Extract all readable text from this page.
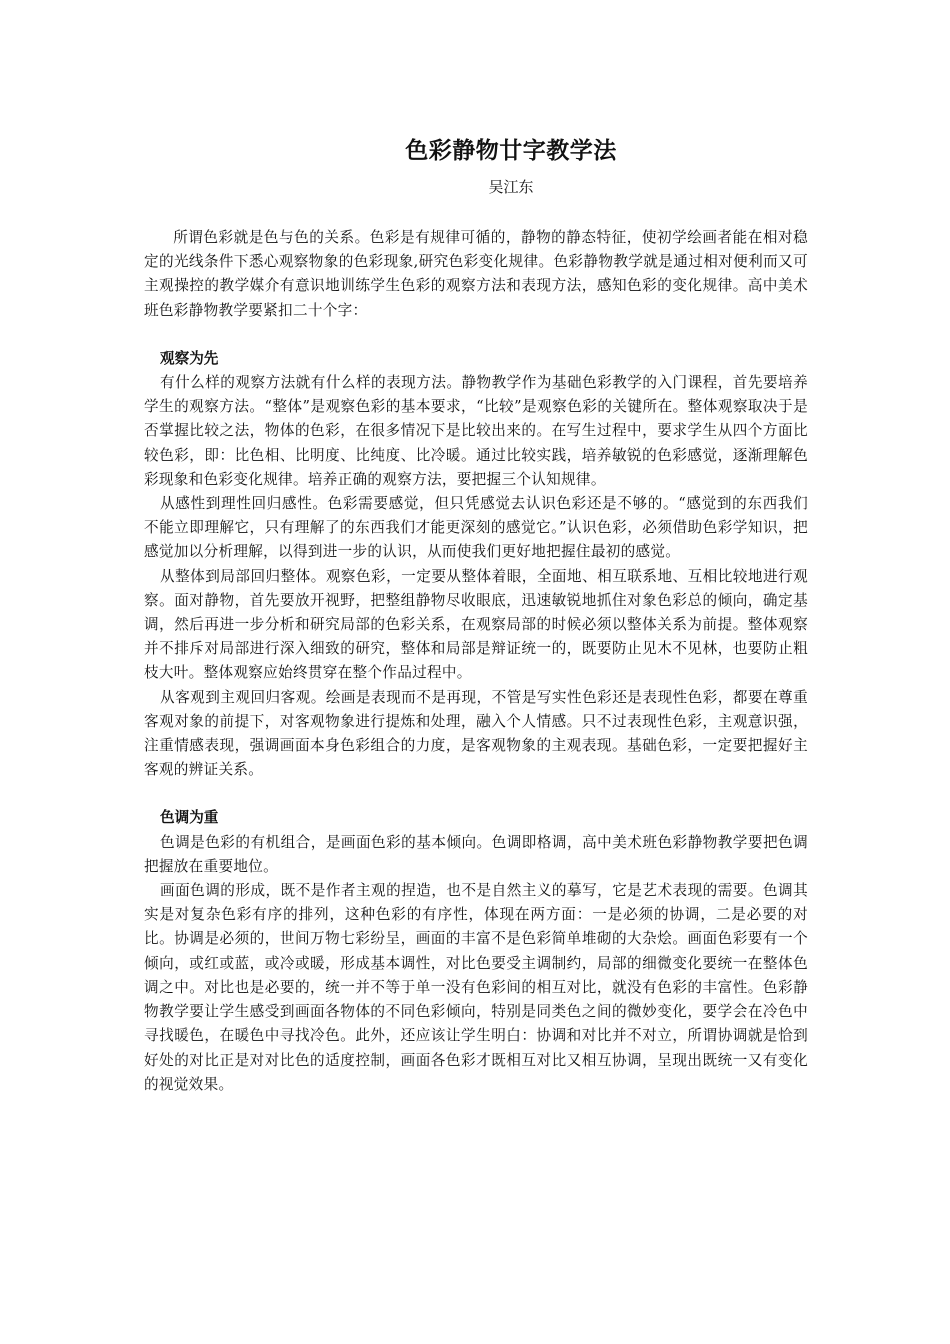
色彩静物廿字教学法

吴江东

所谓色彩就是色与色的关系。色彩是有规律可循的，静物的静态特征，使初学绘画者能在相对稳定的光线条件下悉心观察物象的色彩现象,研究色彩变化规律。色彩静物教学就是通过相对便利而又可主观操控的教学媒介有意识地训练学生色彩的观察方法和表现方法，感知色彩的变化规律。高中美术班色彩静物教学要紧扣二十个字：

观察为先

有什么样的观察方法就有什么样的表现方法。静物教学作为基础色彩教学的入门课程，首先要培养学生的观察方法。“整体”是观察色彩的基本要求，“比较”是观察色彩的关键所在。整体观察取决于是否掌握比较之法，物体的色彩，在很多情况下是比较出来的。在写生过程中，要求学生从四个方面比较色彩，即：比色相、比明度、比纯度、比冷暖。通过比较实践，培养敏锐的色彩感觉，逐渐理解色彩现象和色彩变化规律。培养正确的观察方法，要把握三个认知规律。

从感性到理性回归感性。色彩需要感觉，但只凭感觉去认识色彩还是不够的。“感觉到的东西我们不能立即理解它，只有理解了的东西我们才能更深刻的感觉它。”认识色彩，必须借助色彩学知识，把感觉加以分析理解，以得到进一步的认识，从而使我们更好地把握住最初的感觉。

从整体到局部回归整体。观察色彩，一定要从整体着眼，全面地、相互联系地、互相比较地进行观察。面对静物，首先要放开视野，把整组静物尽收眼底，迅速敏锐地抓住对象色彩总的倾向，确定基调，然后再进一步分析和研究局部的色彩关系，在观察局部的时候必须以整体关系为前提。整体观察并不排斥对局部进行深入细致的研究，整体和局部是辩证统一的，既要防止见木不见林，也要防止粗枝大叶。整体观察应始终贯穿在整个作品过程中。

从客观到主观回归客观。绘画是表现而不是再现，不管是写实性色彩还是表现性色彩，都要在尊重客观对象的前提下，对客观物象进行提炼和处理，融入个人情感。只不过表现性色彩，主观意识强，注重情感表现，强调画面本身色彩组合的力度，是客观物象的主观表现。基础色彩，一定要把握好主客观的辨证关系。

色调为重

色调是色彩的有机组合，是画面色彩的基本倾向。色调即格调，高中美术班色彩静物教学要把色调把握放在重要地位。

画面色调的形成，既不是作者主观的捏造，也不是自然主义的摹写，它是艺术表现的需要。色调其实是对复杂色彩有序的排列，这种色彩的有序性，体现在两方面：一是必须的协调，二是必要的对比。协调是必须的，世间万物七彩纷呈，画面的丰富不是色彩简单堆砌的大杂烩。画面色彩要有一个倾向，或红或蓝，或冷或暖，形成基本调性，对比色要受主调制约，局部的细微变化要统一在整体色调之中。对比也是必要的，统一并不等于单一没有色彩间的相互对比，就没有色彩的丰富性。色彩静物教学要让学生感受到画面各物体的不同色彩倾向，特别是同类色之间的微妙变化，要学会在冷色中寻找暖色，在暖色中寻找冷色。此外，还应该让学生明白：协调和对比并不对立，所谓协调就是恰到好处的对比正是对对比色的适度控制，画面各色彩才既相互对比又相互协调，呈现出既统一又有变化的视觉效果。
